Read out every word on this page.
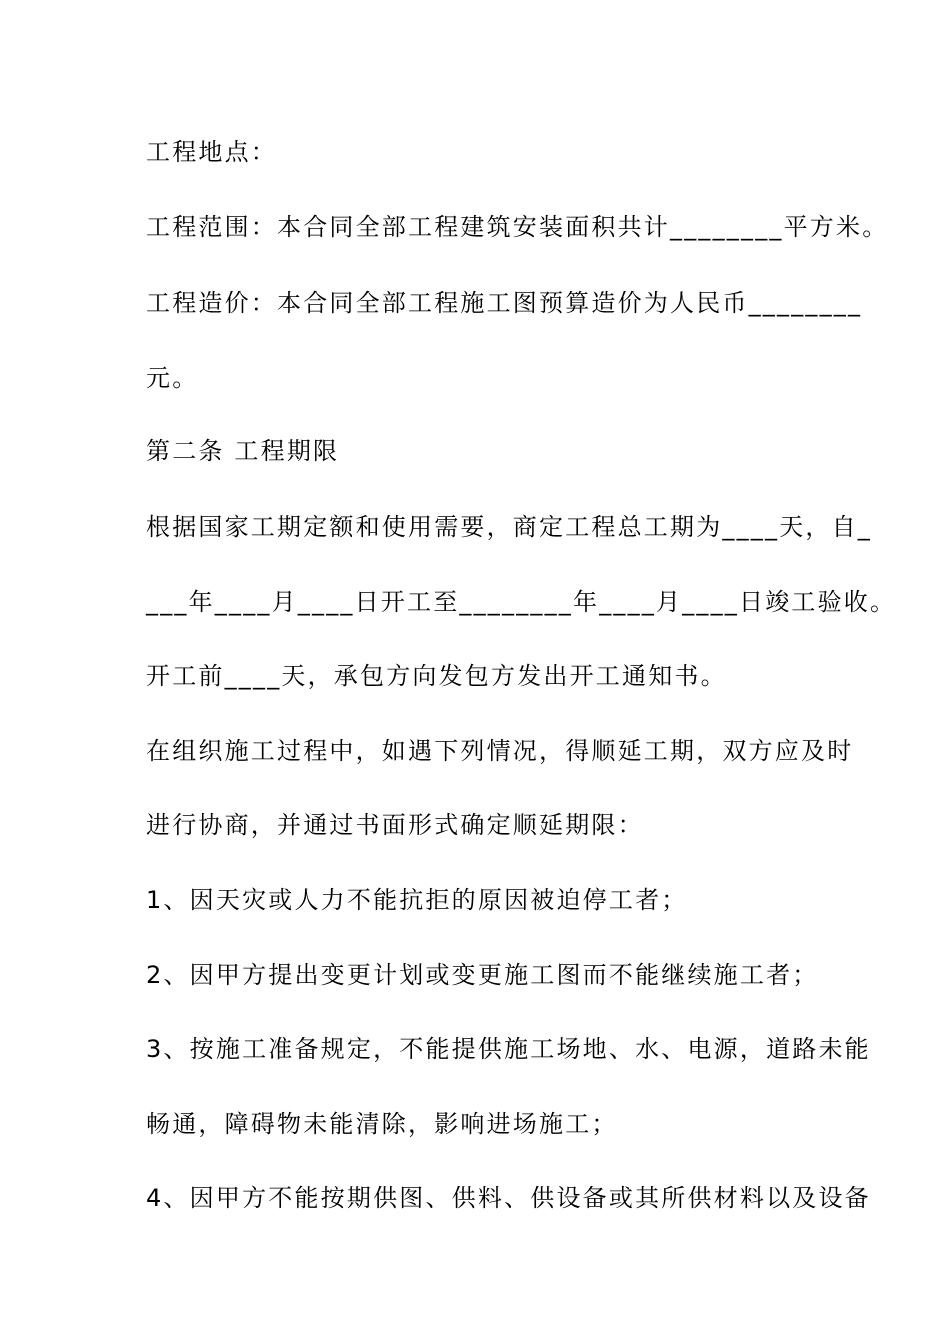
工程地点：
工程范围：本合同全部工程建筑安装面积共计________平方米。
工程造价：本合同全部工程施工图预算造价为人民币________
元。
第二条 工程期限
根据国家工期定额和使用需要，商定工程总工期为____天，自_
___年____月____日开工至________年____月____日竣工验收。
开工前____天，承包方向发包方发出开工通知书。
在组织施工过程中，如遇下列情况，得顺延工期，双方应及时
进行协商，并通过书面形式确定顺延期限：
1、因天灾或人力不能抗拒的原因被迫停工者；
2、因甲方提出变更计划或变更施工图而不能继续施工者；
3、按施工准备规定，不能提供施工场地、水、电源，道路未能
畅通，障碍物未能清除，影响进场施工；
4、因甲方不能按期供图、供料、供设备或其所供材料以及设备
